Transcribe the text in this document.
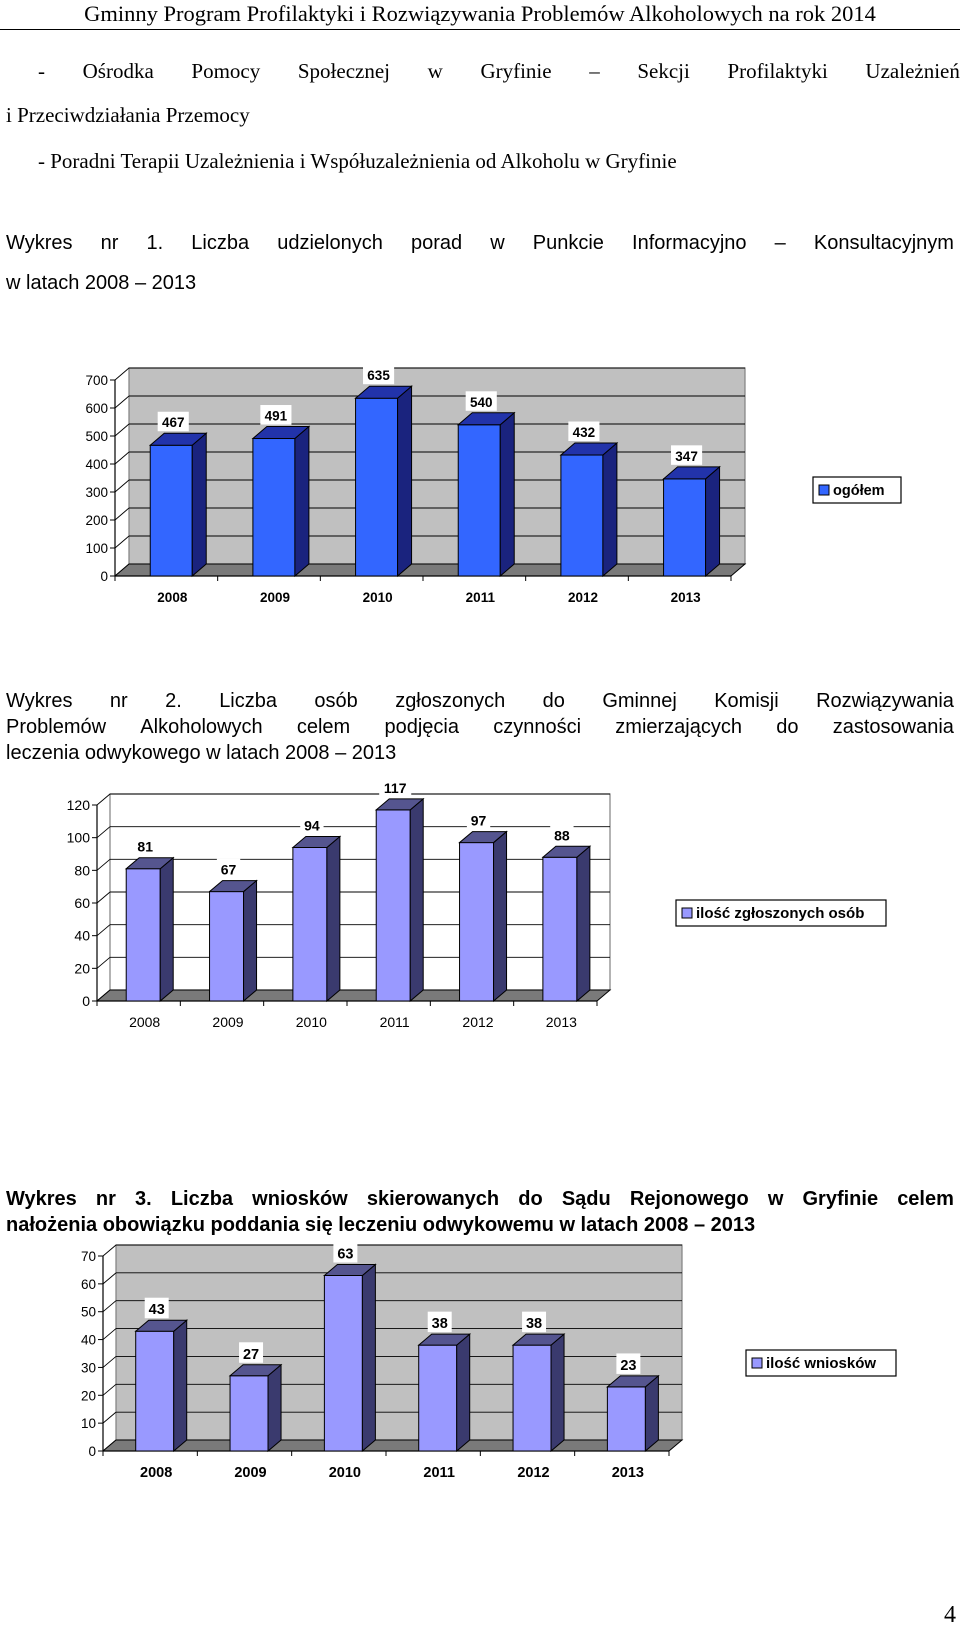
Gminny Program Profilaktyki i Rozwiązywania Problemów Alkoholowych na rok 2014
- Ośrodka Pomocy Społecznej w Gryfinie – Sekcji Profilaktyki Uzależnień
i Przeciwdziałania Przemocy
- Poradni Terapii Uzależnienia i Współuzależnienia od Alkoholu w Gryfinie
Wykres nr 1. Liczba udzielonych porad w Punkcie Informacyjno – Konsultacyjnym
w latach 2008 – 2013
0
100
200
300
400
500
600
700
467
2008
491
2009
635
2010
540
2011
432
2012
347
2013
ogółem
Wykres nr 2. Liczba osób zgłoszonych do Gminnej Komisji Rozwiązywania
Problemów Alkoholowych celem podjęcia czynności zmierzających do zastosowania
leczenia odwykowego w latach 2008 – 2013
0
20
40
60
80
100
120
81
2008
67
2009
94
2010
117
2011
97
2012
88
2013
ilość zgłoszonych osób
Wykres nr 3. Liczba wniosków skierowanych do Sądu Rejonowego w Gryfinie celem
nałożenia obowiązku poddania się leczeniu odwykowemu w latach 2008 – 2013
0
10
20
30
40
50
60
70
43
2008
27
2009
63
2010
38
2011
38
2012
23
2013
ilość wniosków
4
